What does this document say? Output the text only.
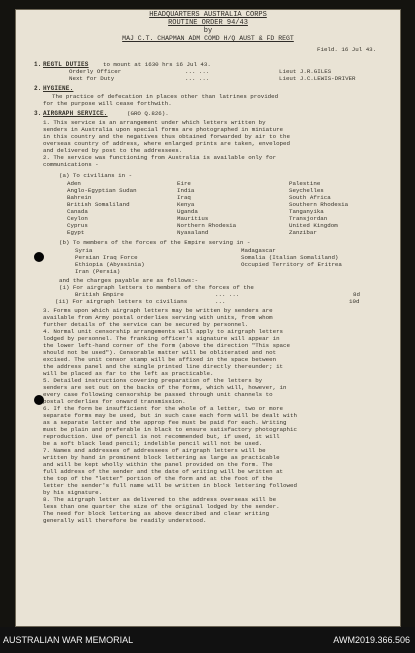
HEADQUARTERS AUSTRALIA CORPS
ROUTINE ORDER 94/43
by
MAJ C.T. CHAPMAN ADM COMD H/Q AUST & FD REGT
Field. 16 Jul 43.
1. REGTL DUTIES to mount at 1630 hrs 16 Jul 43.
Orderly Officer	... ...	Lieut J.R.GILES
Next for Duty	... ...	Lieut J.C.LEWIS-DRIVER
2. HYGIENE.
The practice of defecation in places other than latrines provided
for the purpose will cease forthwith.
3. AIRGRAPH SERVICE.	(GRO Q.826).
1. This service is an arrangement under which letters written by
senders in Australia upon special forms are photographed in miniature
in this country and the negatives thus obtained forwarded by air to the
overseas country of address, where enlarged prints are taken, enveloped
and delivered by post to the addressees.
2. The service was functioning from Australia is available only for
communications -
(a) To civilians in -
Aden	Eire	Palestine
Anglo-Egyptian Sudan	India	Seychelles
Bahrein	Iraq	South Africa
British Somaliland	Kenya	Southern Rhodesia
Canada	Uganda	Tanganyika
Ceylon	Mauritius	Transjordan
Cyprus	Northern Rhodesia	United Kingdom
Egypt	Nyasaland	Zanzibar
(b) To members of the forces of the Empire serving in -
Syria	Madagascar
Persian Iraq Force	Somalia (Italian Somaliland)
Ethiopia (Abyssinia)	Occupied Territory of Eritrea
Iran (Persia)
and the charges payable are as follows:-
(i) For airgraph letters to members of the forces of the
British Empire	... ...	8d
(ii) For airgraph letters to civilians	...	10d
3. Forms upon which airgraph letters may be written by senders are
available from Army postal orderlies serving with units, from whom
further details of the service can be secured by personnel.
4. Normal unit censorship arrangements will apply to airgraph letters
lodged by personnel. The franking officer's signature will appear in
the lower left-hand corner of the form (above the direction "This space
should not be used"). Censorable matter will be obliterated and not
excised. The unit censor stamp will be affixed in the space between
the address panel and the single printed line directly thereunder; it
will be placed as far to the left as practicable.
5. Detailed instructions covering preparation of the letters by
senders are set out on the backs of the forms, which will, however, in
every case following censorship be passed through unit channels to
postal orderlies for onward transmission.
6. If the form be insufficient for the whole of a letter, two or more
separate forms may be used, but in such case each form will be dealt with
as a separate letter and the approp fee must be paid for each. Writing
must be plain and preferable in black to ensure satisfactory photographic
reproduction. Use of pencil is not recommended but, if used, it will
be a soft black lead pencil; indelible pencil will not be used.
7. Names and addresses of addressees of airgraph letters will be
written by hand in prominent block lettering as large as practicable
and will be kept wholly within the panel provided on the form. The
full address of the sender and the date of writing will be written at
the top of the "letter" portion of the form and at the foot of the
letter the sender's full name will be written in block lettering followed
by his signature.
8. The airgraph letter as delivered to the address overseas will be
less than one quarter the size of the original lodged by the sender.
The need for block lettering as above described and clear writing
generally will therefore be readily understood.
AUSTRALIAN WAR MEMORIAL	AWM2019.366.506
